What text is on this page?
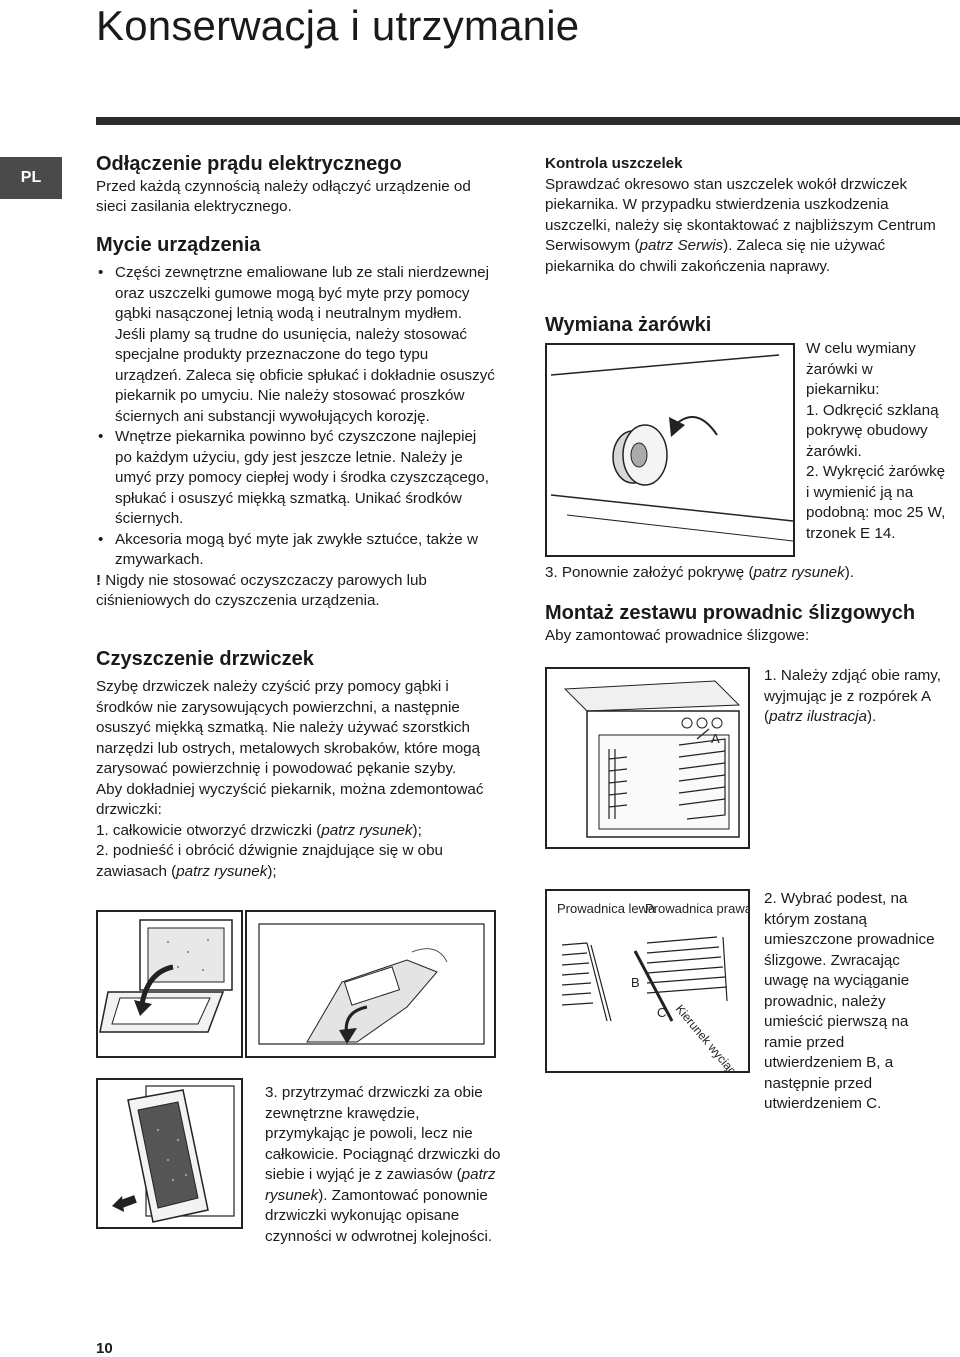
Konserwacja i utrzymanie
PL
Odłączenie prądu elektrycznego

Przed każdą czynnością należy odłączyć urządzenie od sieci zasilania elektrycznego.

Mycie urządzenia
• Części zewnętrzne emaliowane lub ze stali nierdzewnej oraz uszczelki gumowe mogą być myte przy pomocy gąbki nasączonej letnią wodą i neutralnym mydłem. Jeśli plamy są trudne do usunięcia, należy stosować specjalne produkty przeznaczone do tego typu urządzeń. Zaleca się obficie spłukać i dokładnie osuszyć piekarnik po umyciu. Nie należy stosować proszków ściernych ani substancji wywołujących korozję.
• Wnętrze piekarnika powinno być czyszczone najlepiej po każdym użyciu, gdy jest jeszcze letnie. Należy je umyć przy pomocy ciepłej wody i środka czyszczącego, spłukać i osuszyć miękką szmatką. Unikać środków ściernych.
• Akcesoria mogą być myte jak zwykłe sztućce, także w zmywarkach.

! Nigdy nie stosować oczyszczaczy parowych lub ciśnieniowych do czyszczenia urządzenia.

Czyszczenie drzwiczek

Szybę drzwiczek należy czyścić przy pomocy gąbki i środków nie zarysowujących powierzchni, a następnie osuszyć miękką szmatką. Nie należy używać szorstkich narzędzi lub ostrych, metalowych skrobaków, które mogą zarysować powierzchnię i powodować pękanie szyby.

Aby dokładniej wyczyścić piekarnik, można zdemontować drzwiczki:

1. całkowicie otworzyć drzwiczki (patrz rysunek);

2. podnieść i obrócić dźwignie znajdujące się w obu zawiasach (patrz rysunek);

3. przytrzymać drzwiczki za obie zewnętrzne krawędzie, przymykając je powoli, lecz nie całkowicie. Pociągnąć drzwiczki do siebie i wyjąć je z zawiasów (patrz rysunek). Zamontować ponownie drzwiczki wykonując opisane czynności w odwrotnej kolejności.
Kontrola uszczelek

Sprawdzać okresowo stan uszczelek wokół drzwiczek piekarnika. W przypadku stwierdzenia uszkodzenia uszczelki, należy się skontaktować z najbliższym Centrum Serwisowym (patrz Serwis). Zaleca się nie używać piekarnika do chwili zakończenia naprawy.

Wymiana żarówki

W celu wymiany żarówki w piekarniku:

1. Odkręcić szklaną pokrywę obudowy żarówki.

2. Wykręcić żarówkę i wymienić ją na podobną: moc 25 W, trzonek E 14.

3. Ponownie założyć pokrywę (patrz rysunek).
Montaż zestawu prowadnic ślizgowych

Aby zamontować prowadnice ślizgowe:

A
1. Należy zdjąć obie ramy, wyjmując je z rozpórek A (patrz ilustracja).
Prowadnica lewa
Prowadnica prawa
B
C Kierunek wyciągania
2. Wybrać podest, na którym zostaną umieszczone prowadnice ślizgowe. Zwracając uwagę na wyciąganie prowadnic, należy umieścić pierwszą na ramie przed utwierdzeniem B, a następnie przed utwierdzeniem C.
10
